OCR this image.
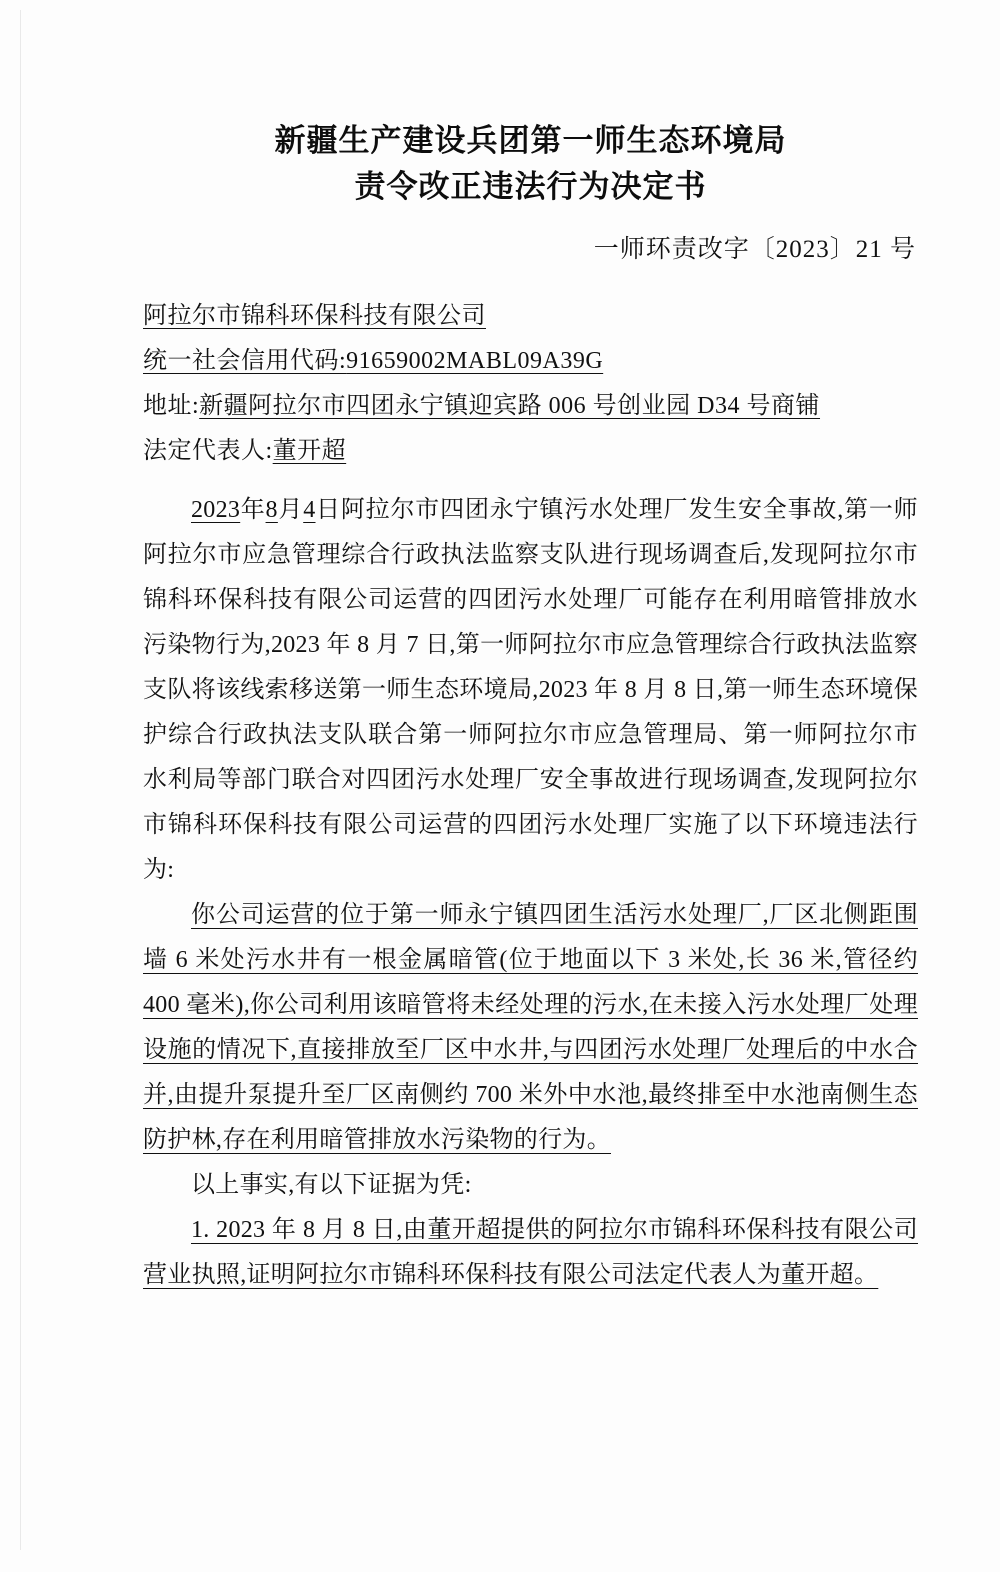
新疆生产建设兵团第一师生态环境局
责令改正违法行为决定书
一师环责改字〔2023〕21 号
阿拉尔市锦科环保科技有限公司
统一社会信用代码:91659002MABL09A39G
地址:新疆阿拉尔市四团永宁镇迎宾路 006 号创业园 D34 号商铺
法定代表人:董开超

2023年8月4日阿拉尔市四团永宁镇污水处理厂发生安全事故,第一师阿拉尔市应急管理综合行政执法监察支队进行现场调查后,发现阿拉尔市锦科环保科技有限公司运营的四团污水处理厂可能存在利用暗管排放水污染物行为,2023 年 8 月 7 日,第一师阿拉尔市应急管理综合行政执法监察支队将该线索移送第一师生态环境局,2023 年 8 月 8 日,第一师生态环境保护综合行政执法支队联合第一师阿拉尔市应急管理局、第一师阿拉尔市水利局等部门联合对四团污水处理厂安全事故进行现场调查,发现阿拉尔市锦科环保科技有限公司运营的四团污水处理厂实施了以下环境违法行为:

你公司运营的位于第一师永宁镇四团生活污水处理厂,厂区北侧距围墙 6 米处污水井有一根金属暗管(位于地面以下 3 米处,长 36 米,管径约 400 毫米),你公司利用该暗管将未经处理的污水,在未接入污水处理厂处理设施的情况下,直接排放至厂区中水井,与四团污水处理厂处理后的中水合并,由提升泵提升至厂区南侧约 700 米外中水池,最终排至中水池南侧生态防护林,存在利用暗管排放水污染物的行为。

以上事实,有以下证据为凭:

1. 2023 年 8 月 8 日,由董开超提供的阿拉尔市锦科环保科技有限公司营业执照,证明阿拉尔市锦科环保科技有限公司法定代表人为董开超。
